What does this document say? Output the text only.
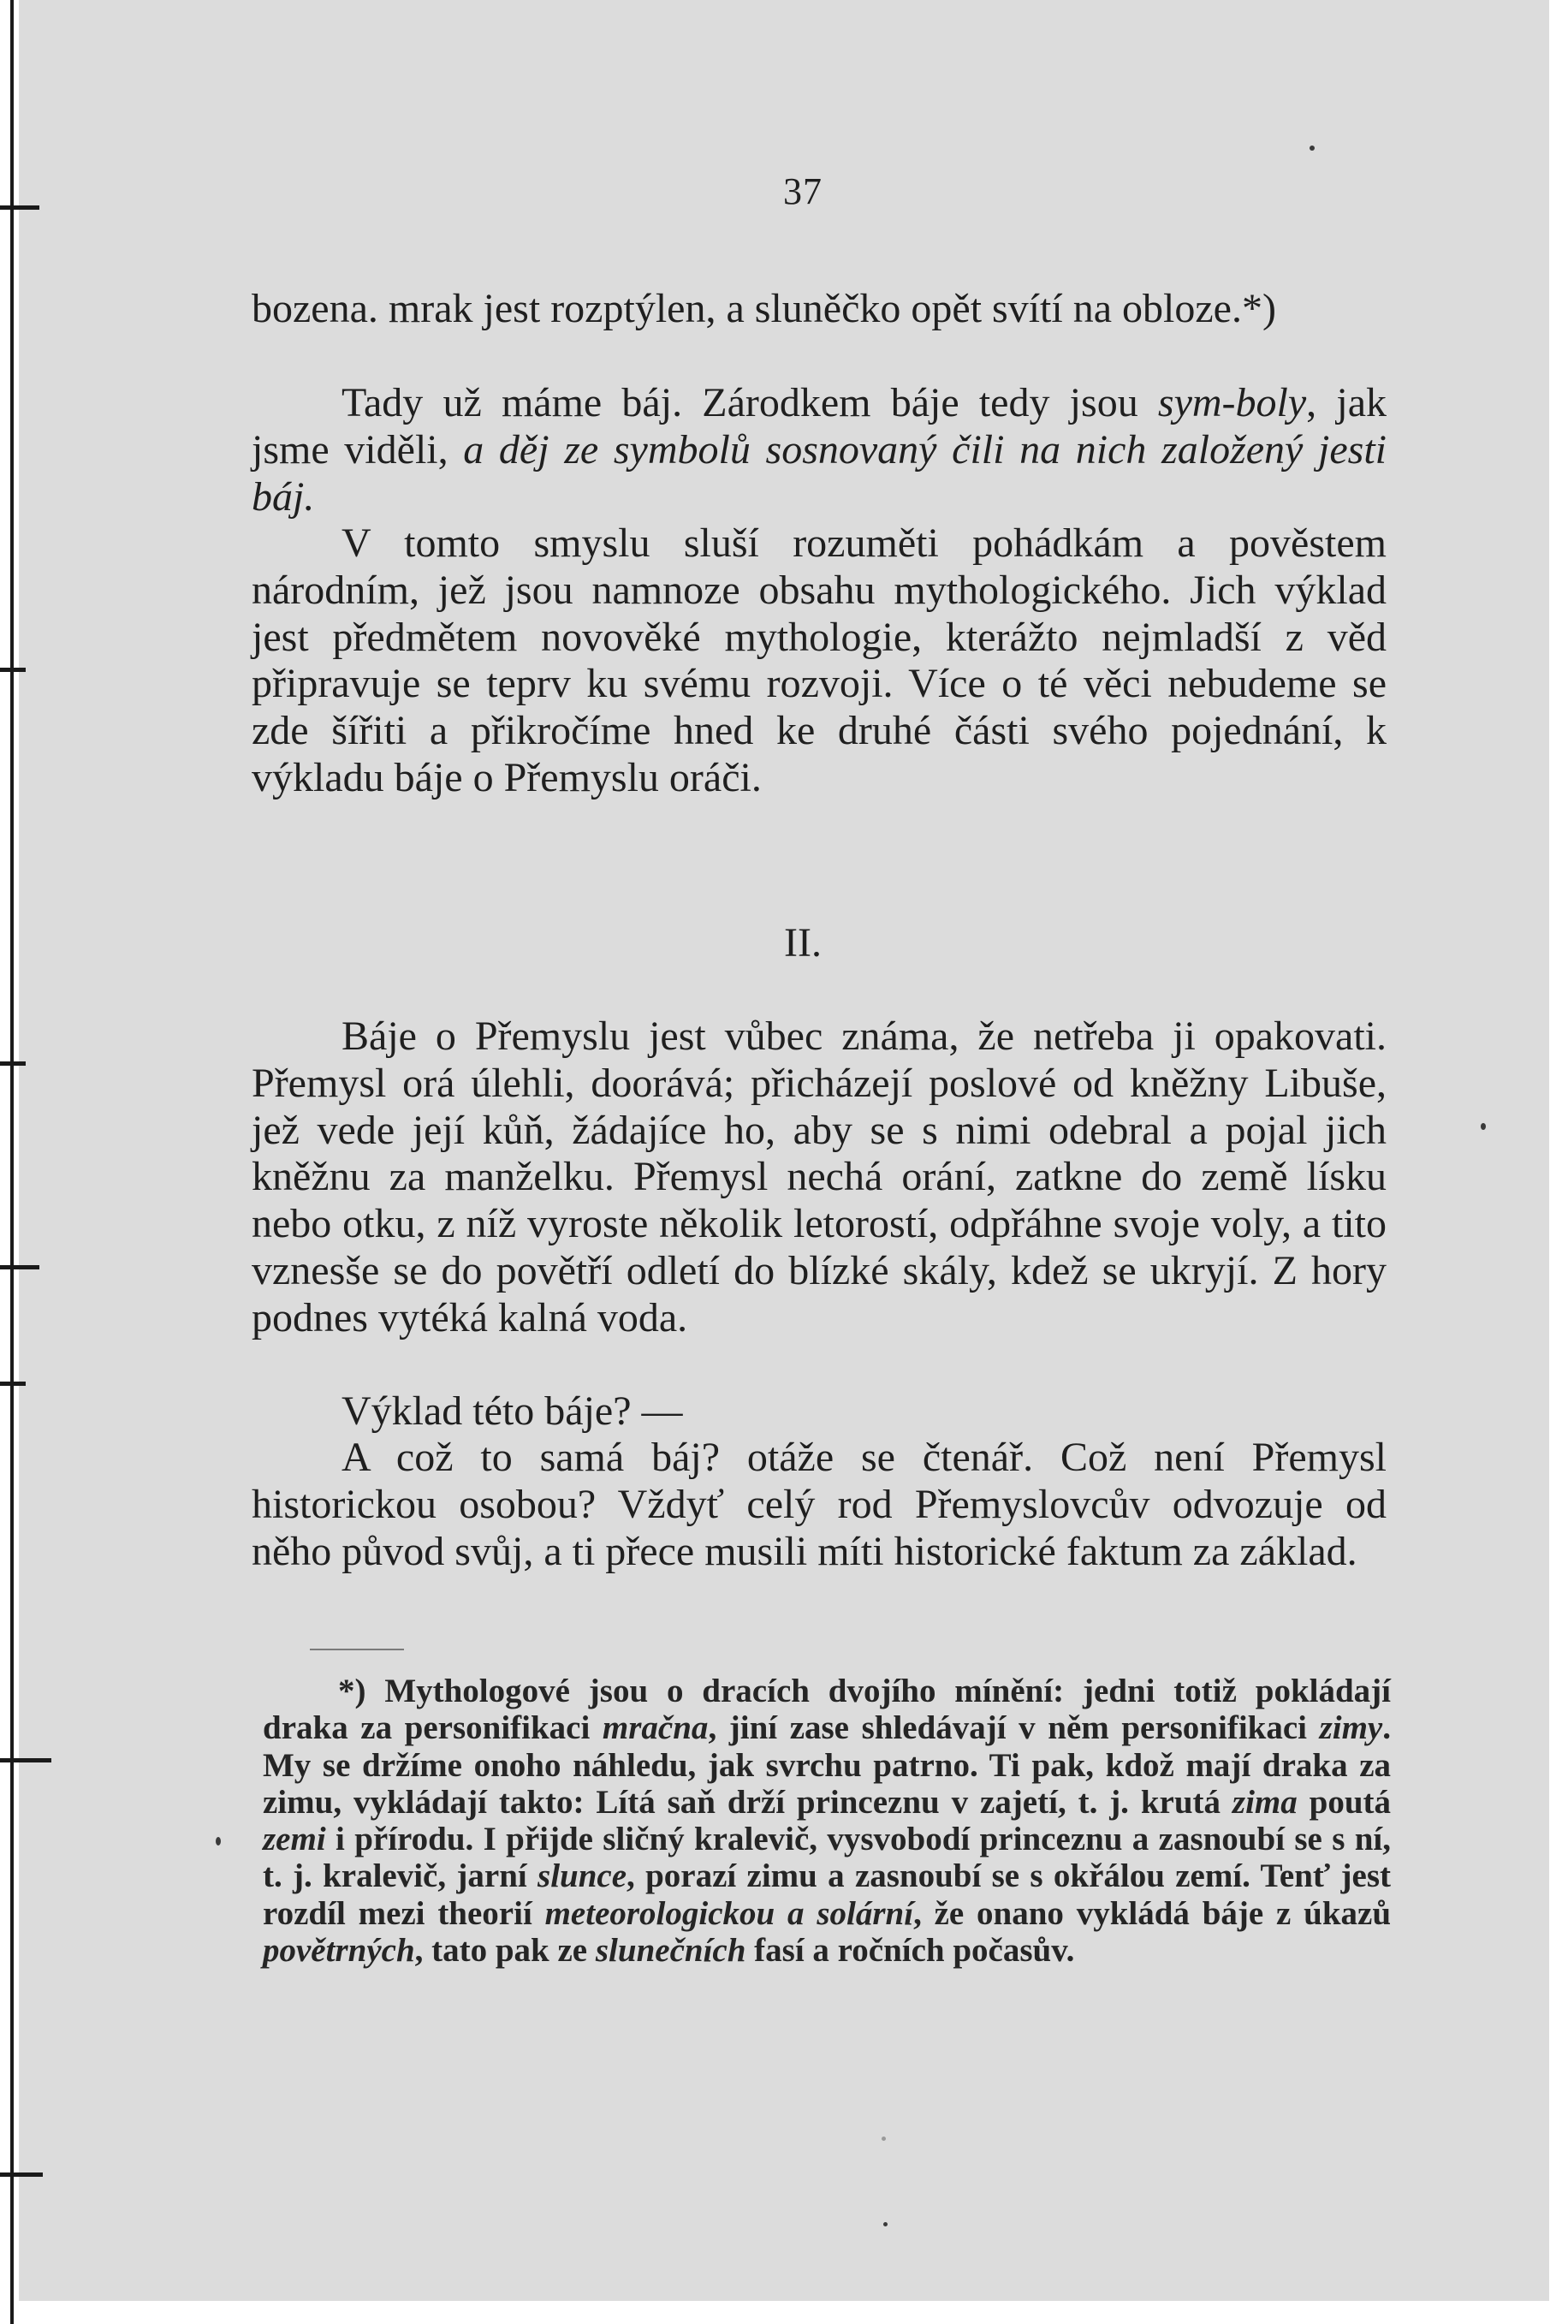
37

bozena. mrak jest rozptýlen, a sluněčko opět svítí na obloze.*)

Tady už máme báj. Zárodkem báje tedy jsou sym-boly, jak jsme viděli, a děj ze symbolů sosnovaný čili na nich založený jesti báj.

V tomto smyslu sluší rozuměti pohádkám a pověstem národním, jež jsou namnoze obsahu mythologického. Jich výklad jest předmětem novověké mythologie, kterážto nejmladší z věd připravuje se teprv ku svému rozvoji. Více o té věci nebudeme se zde šířiti a přikročíme hned ke druhé části svého pojednání, k výkladu báje o Přemyslu oráči.

II.

Báje o Přemyslu jest vůbec známa, že netřeba ji opakovati. Přemysl orá úlehli, doorává; přicházejí poslové od kněžny Libuše, jež vede její kůň, žádajíce ho, aby se s nimi odebral a pojal jich kněžnu za manželku. Přemysl nechá orání, zatkne do země lísku nebo otku, z níž vyroste několik letorostí, odpřáhne svoje voly, a tito vznesše se do povětří odletí do blízké skály, kdež se ukryjí. Z hory podnes vytéká kalná voda.

Výklad této báje? —

A což to samá báj? otáže se čtenář. Což není Přemysl historickou osobou? Vždyť celý rod Přemyslovcův odvozuje od něho původ svůj, a ti přece musili míti historické faktum za základ.

*) Mythologové jsou o dracích dvojího mínění: jedni totiž pokládají draka za personifikaci mračna, jiní zase shledávají v něm personifikaci zimy. My se držíme onoho náhledu, jak svrchu patrno. Ti pak, kdož mají draka za zimu, vykládají takto: Lítá saň drží princeznu v zajetí, t. j. krutá zima poutá zemi i přírodu. I přijde sličný kralevič, vysvobodí princeznu a zasnoubí se s ní, t. j. kralevič, jarní slunce, porazí zimu a zasnoubí se s okřálou zemí. Tenť jest rozdíl mezi theorií meteorologickou a solární, že onano vykládá báje z úkazů povětrných, tato pak ze slunečních fasí a ročních počasův.
